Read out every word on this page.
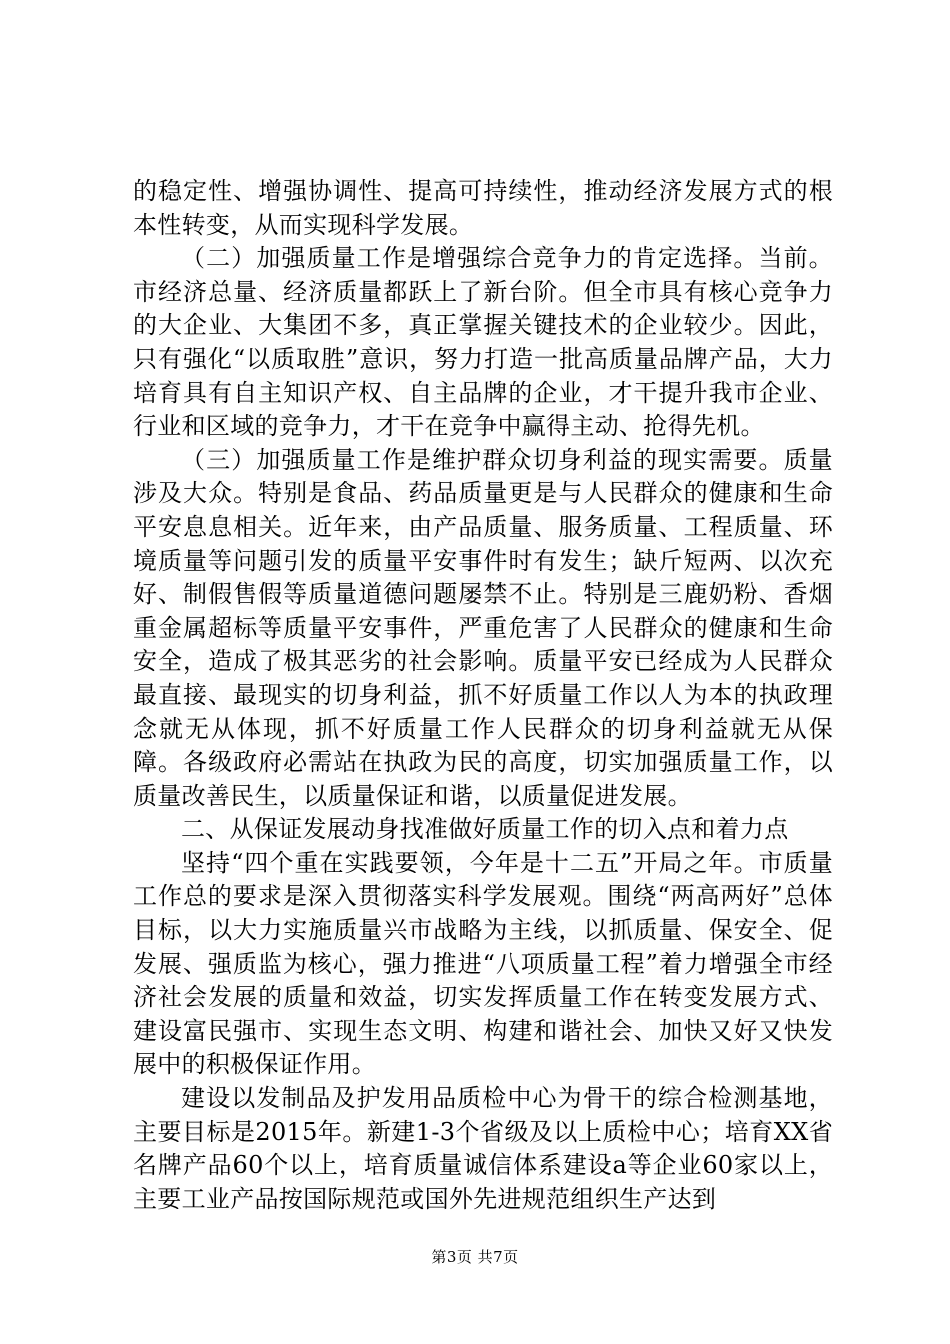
的稳定性、增强协调性、提高可持续性，推动经济发展方式的根本性转变，从而实现科学发展。

（二）加强质量工作是增强综合竞争力的肯定选择。当前。市经济总量、经济质量都跃上了新台阶。但全市具有核心竞争力的大企业、大集团不多，真正掌握关键技术的企业较少。因此，只有强化“以质取胜”意识，努力打造一批高质量品牌产品，大力培育具有自主知识产权、自主品牌的企业，才干提升我市企业、行业和区域的竞争力，才干在竞争中赢得主动、抢得先机。

（三）加强质量工作是维护群众切身利益的现实需要。质量涉及大众。特别是食品、药品质量更是与人民群众的健康和生命平安息息相关。近年来，由产品质量、服务质量、工程质量、环境质量等问题引发的质量平安事件时有发生；缺斤短两、以次充好、制假售假等质量道德问题屡禁不止。特别是三鹿奶粉、香烟重金属超标等质量平安事件，严重危害了人民群众的健康和生命安全，造成了极其恶劣的社会影响。质量平安已经成为人民群众最直接、最现实的切身利益，抓不好质量工作以人为本的执政理念就无从体现，抓不好质量工作人民群众的切身利益就无从保障。各级政府必需站在执政为民的高度，切实加强质量工作，以质量改善民生，以质量保证和谐，以质量促进发展。

二、从保证发展动身找准做好质量工作的切入点和着力点

坚持“四个重在实践要领，今年是十二五”开局之年。市质量工作总的要求是深入贯彻落实科学发展观。围绕“两高两好”总体目标，以大力实施质量兴市战略为主线，以抓质量、保安全、促发展、强质监为核心，强力推进“八项质量工程”着力增强全市经济社会发展的质量和效益，切实发挥质量工作在转变发展方式、建设富民强市、实现生态文明、构建和谐社会、加快又好又快发展中的积极保证作用。

建设以发制品及护发用品质检中心为骨干的综合检测基地，主要目标是2015年。新建1-3个省级及以上质检中心；培育XX省名牌产品60个以上，培育质量诚信体系建设a等企业60家以上，主要工业产品按国际规范或国外先进规范组织生产达到

第3页 共7页
